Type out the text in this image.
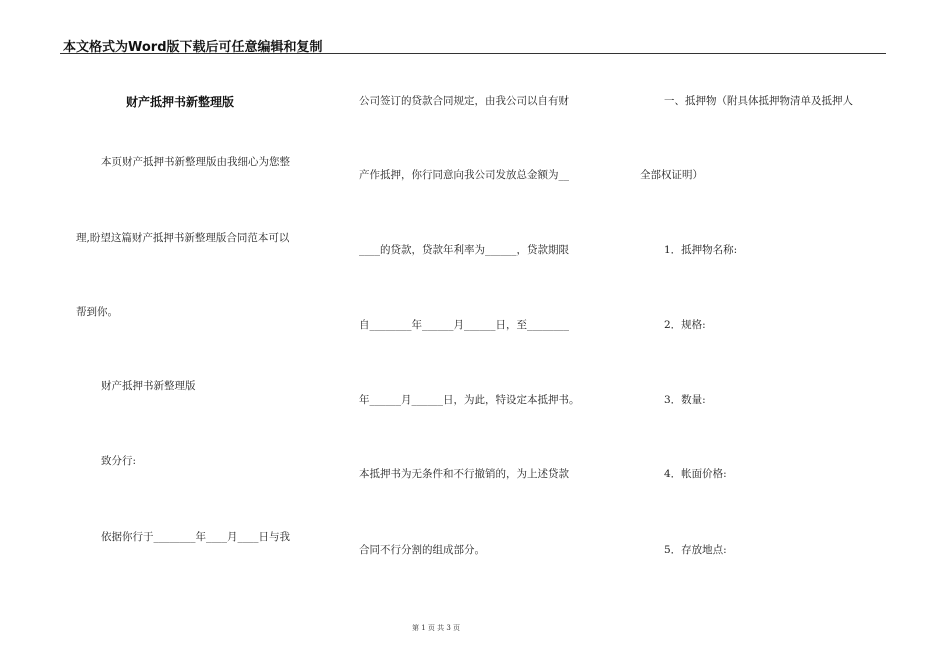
本文格式为Word版下载后可任意编辑和复制
财产抵押书新整理版
本页财产抵押书新整理版由我细心为您整
理,盼望这篇财产抵押书新整理版合同范本可以
帮到你。
财产抵押书新整理版
致分行:
依据你行于________年____月____日与我
公司签订的贷款合同规定，由我公司以自有财
产作抵押，你行同意向我公司发放总金额为__
____的贷款，贷款年利率为______，贷款期限
自________年______月______日，至________
年______月______日，为此，特设定本抵押书。
本抵押书为无条件和不行撤销的，为上述贷款
合同不行分割的组成部分。
一、抵押物（附具体抵押物清单及抵押人
全部权证明）
1．抵押物名称:
2．规格:
3．数量:
4．帐面价格:
5．存放地点:
第 1 页 共 3 页
